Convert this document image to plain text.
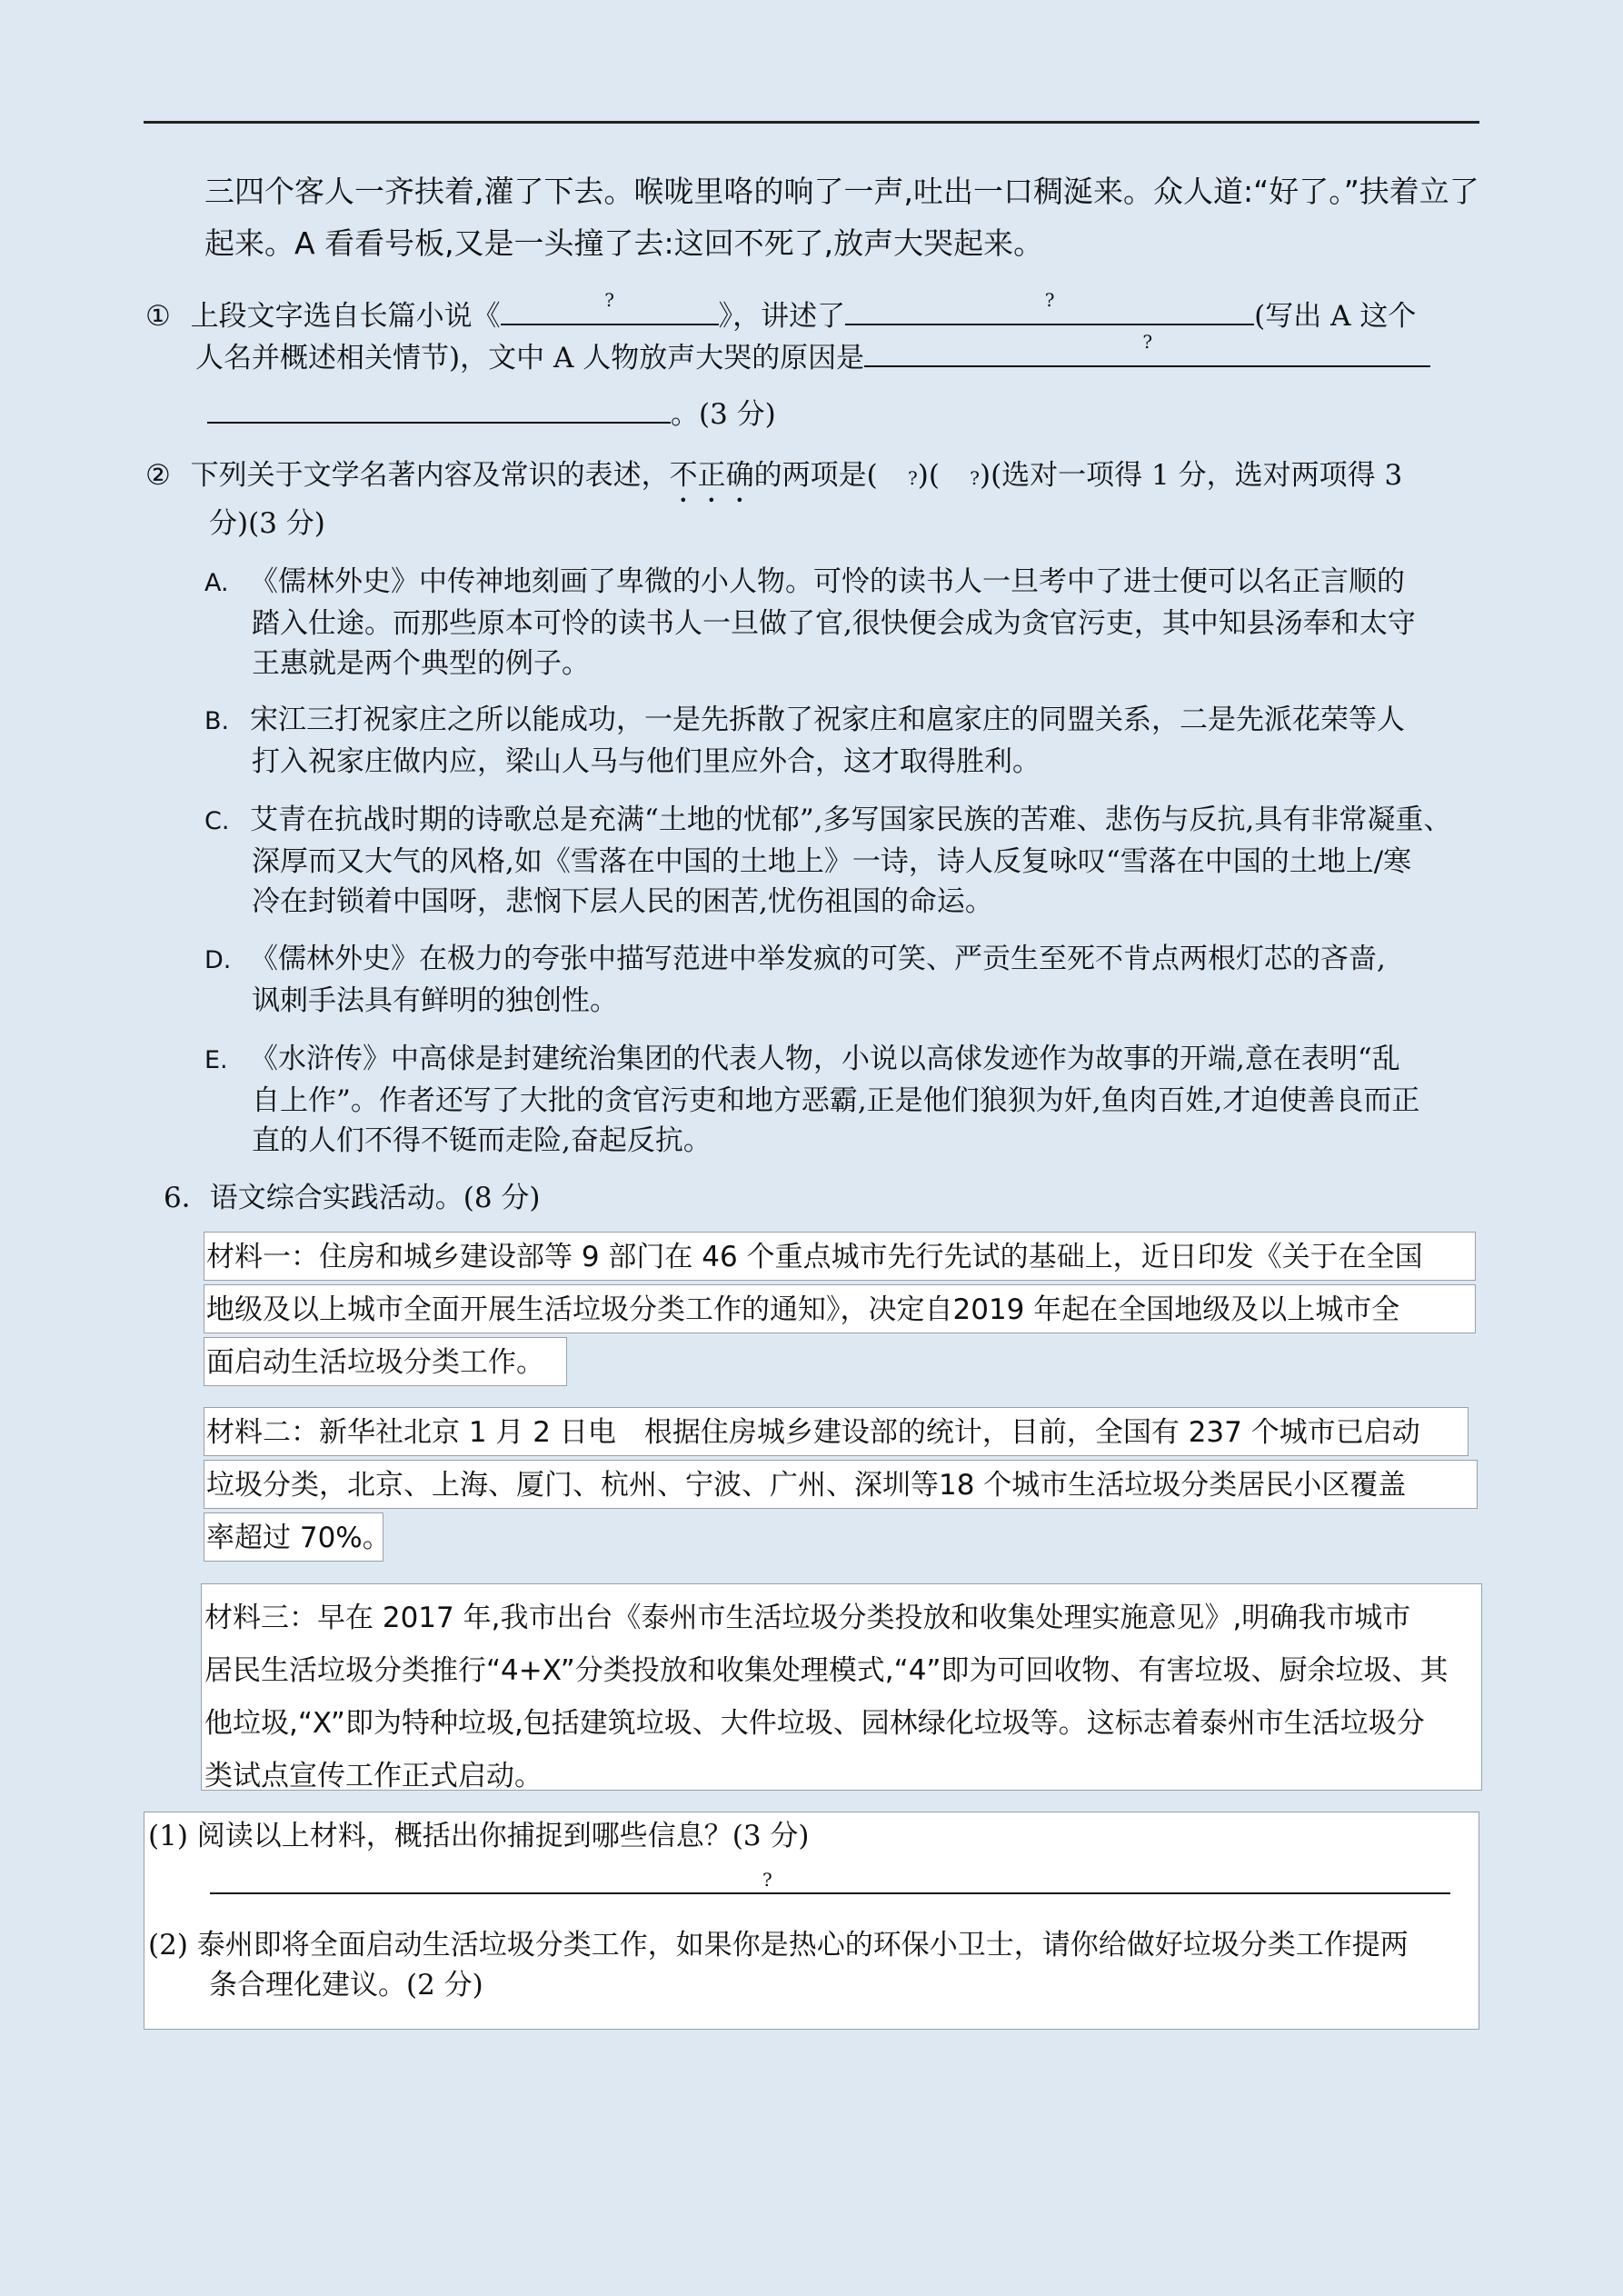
三四个客人一齐扶着,灌了下去。喉咙里咯的响了一声,吐出一口稠涎来。众人道:“好了。”扶着立了

起来。A 看看号板,又是一头撞了去:这回不死了,放声大哭起来。

① 上段文字选自长篇小说《	?	》，讲述了	?	(写出 A 这个
人名并概述相关情节)，文中 A 人物放声大哭的原因是	?
。(3 分)
② 下列关于文学名著内容及常识的表述，不正确的两项是( ?)( ?)(选对一项得 1 分，选对两项得 3
分)(3 分)
A. 《儒林外史》中传神地刻画了卑微的小人物。可怜的读书人一旦考中了进士便可以名正言顺的
踏入仕途。而那些原本可怜的读书人一旦做了官,很快便会成为贪官污吏，其中知县汤奉和太守
王惠就是两个典型的例子。
B. 宋江三打祝家庄之所以能成功，一是先拆散了祝家庄和扈家庄的同盟关系，二是先派花荣等人
打入祝家庄做内应，梁山人马与他们里应外合，这才取得胜利。
C. 艾青在抗战时期的诗歌总是充满“土地的忧郁”,多写国家民族的苦难、悲伤与反抗,具有非常凝重、
深厚而又大气的风格,如《雪落在中国的土地上》一诗，诗人反复咏叹“雪落在中国的土地上/寒
冷在封锁着中国呀，悲悯下层人民的困苦,忧伤祖国的命运。
D. 《儒林外史》在极力的夸张中描写范进中举发疯的可笑、严贡生至死不肯点两根灯芯的吝啬,
讽刺手法具有鲜明的独创性。
E. 《水浒传》中高俅是封建统治集团的代表人物，小说以高俅发迹作为故事的开端,意在表明“乱
自上作”。作者还写了大批的贪官污吏和地方恶霸,正是他们狼狈为奸,鱼肉百姓,才迫使善良而正
直的人们不得不铤而走险,奋起反抗。
6．语文综合实践活动。(8 分)
材料一：住房和城乡建设部等 9 部门在 46 个重点城市先行先试的基础上，近日印发《关于在全国
地级及以上城市全面开展生活垃圾分类工作的通知》，决定自2019 年起在全国地级及以上城市全
面启动生活垃圾分类工作。
材料二：新华社北京 1 月 2 日电　根据住房城乡建设部的统计，目前，全国有 237 个城市已启动
垃圾分类，北京、上海、厦门、杭州、宁波、广州、深圳等18 个城市生活垃圾分类居民小区覆盖
率超过 70%。
材料三：早在 2017 年,我市出台《泰州市生活垃圾分类投放和收集处理实施意见》,明确我市城市
居民生活垃圾分类推行“4+X”分类投放和收集处理模式,“4”即为可回收物、有害垃圾、厨余垃圾、其
他垃圾,“X”即为特种垃圾,包括建筑垃圾、大件垃圾、园林绿化垃圾等。这标志着泰州市生活垃圾分
类试点宣传工作正式启动。
(1) 阅读以上材料，概括出你捕捉到哪些信息？(3 分)
?
(2) 泰州即将全面启动生活垃圾分类工作，如果你是热心的环保小卫士，请你给做好垃圾分类工作提两
条合理化建议。(2 分)
